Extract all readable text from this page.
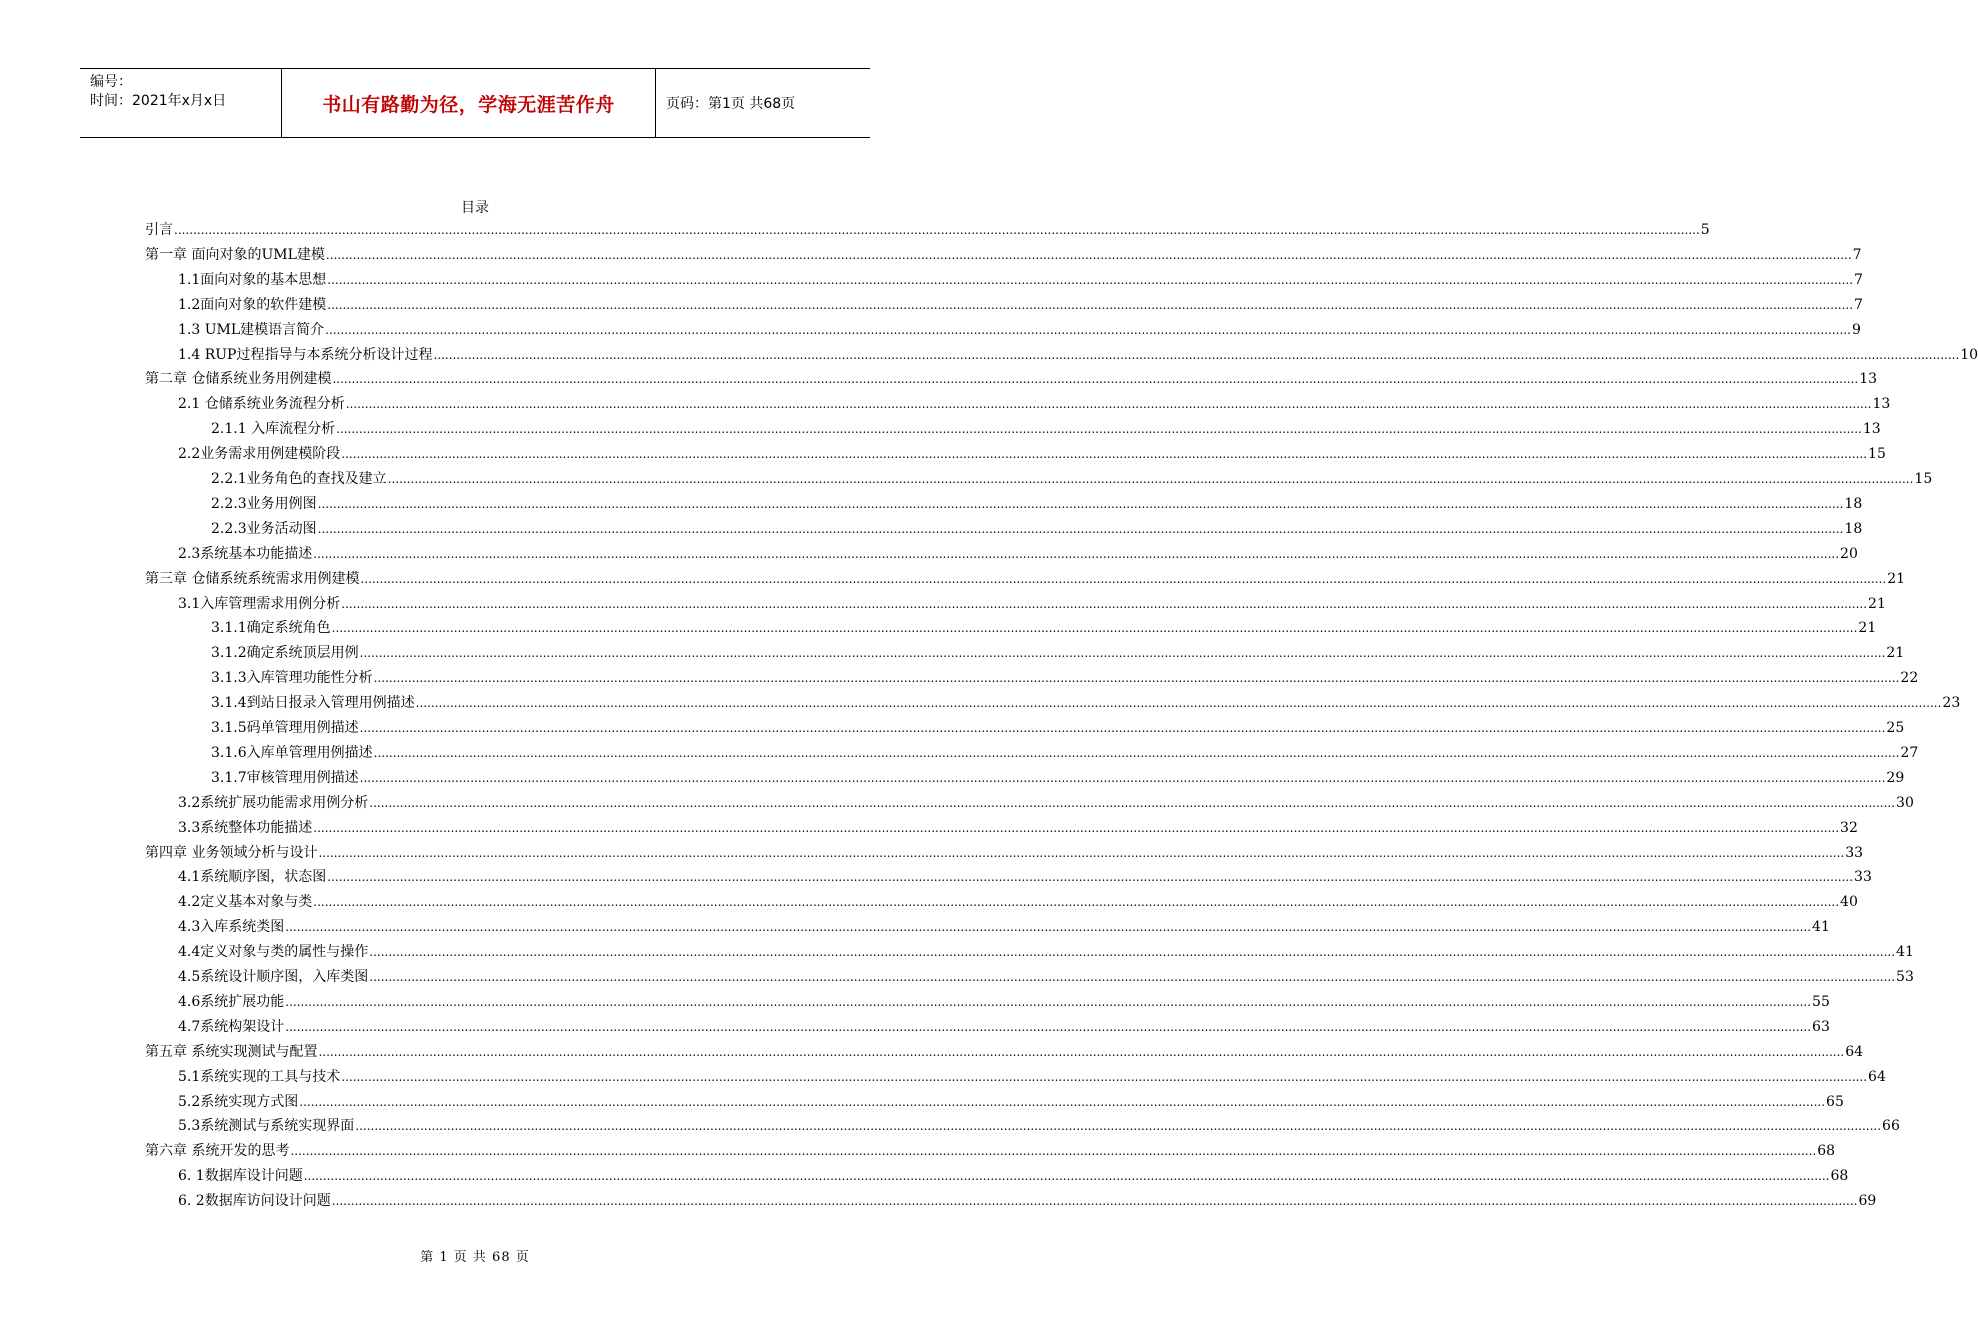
编号：
时间：2021年x月x日	书山有路勤为径，学海无涯苦作舟	页码：第1页 共68页
目录
引言 ................................................................................................................................................................................................................................................................................................................................................................................................................ 5
第一章 面向对象的UML建模 ................................................................................................................................................................................................................................................................................................................................................................................................................ 7
1.1面向对象的基本思想 ................................................................................................................................................................................................................................................................................................................................................................................................................ 7
1.2面向对象的软件建模 ................................................................................................................................................................................................................................................................................................................................................................................................................ 7
1.3 UML建模语言简介 ................................................................................................................................................................................................................................................................................................................................................................................................................ 9
1.4 RUP过程指导与本系统分析设计过程 ................................................................................................................................................................................................................................................................................................................................................................................................................ 10
第二章 仓储系统业务用例建模 ................................................................................................................................................................................................................................................................................................................................................................................................................ 13
2.1 仓储系统业务流程分析 ................................................................................................................................................................................................................................................................................................................................................................................................................ 13
2.1.1 入库流程分析 ................................................................................................................................................................................................................................................................................................................................................................................................................ 13
2.2业务需求用例建模阶段 ................................................................................................................................................................................................................................................................................................................................................................................................................ 15
2.2.1业务角色的查找及建立 ................................................................................................................................................................................................................................................................................................................................................................................................................ 15
2.2.3业务用例图 ................................................................................................................................................................................................................................................................................................................................................................................................................ 18
2.2.3业务活动图 ................................................................................................................................................................................................................................................................................................................................................................................................................ 18
2.3系统基本功能描述 ................................................................................................................................................................................................................................................................................................................................................................................................................ 20
第三章 仓储系统系统需求用例建模 ................................................................................................................................................................................................................................................................................................................................................................................................................ 21
3.1入库管理需求用例分析 ................................................................................................................................................................................................................................................................................................................................................................................................................ 21
3.1.1确定系统角色 ................................................................................................................................................................................................................................................................................................................................................................................................................ 21
3.1.2确定系统顶层用例 ................................................................................................................................................................................................................................................................................................................................................................................................................ 21
3.1.3入库管理功能性分析 ................................................................................................................................................................................................................................................................................................................................................................................................................ 22
3.1.4到站日报录入管理用例描述 ................................................................................................................................................................................................................................................................................................................................................................................................................ 23
3.1.5码单管理用例描述 ................................................................................................................................................................................................................................................................................................................................................................................................................ 25
3.1.6入库单管理用例描述 ................................................................................................................................................................................................................................................................................................................................................................................................................ 27
3.1.7审核管理用例描述 ................................................................................................................................................................................................................................................................................................................................................................................................................ 29
3.2系统扩展功能需求用例分析 ................................................................................................................................................................................................................................................................................................................................................................................................................ 30
3.3系统整体功能描述 ................................................................................................................................................................................................................................................................................................................................................................................................................ 32
第四章 业务领域分析与设计 ................................................................................................................................................................................................................................................................................................................................................................................................................ 33
4.1系统顺序图，状态图 ................................................................................................................................................................................................................................................................................................................................................................................................................ 33
4.2定义基本对象与类 ................................................................................................................................................................................................................................................................................................................................................................................................................ 40
4.3入库系统类图 ................................................................................................................................................................................................................................................................................................................................................................................................................ 41
4.4定义对象与类的属性与操作 ................................................................................................................................................................................................................................................................................................................................................................................................................ 41
4.5系统设计顺序图，入库类图 ................................................................................................................................................................................................................................................................................................................................................................................................................ 53
4.6系统扩展功能 ................................................................................................................................................................................................................................................................................................................................................................................................................ 55
4.7系统构架设计 ................................................................................................................................................................................................................................................................................................................................................................................................................ 63
第五章 系统实现测试与配置 ................................................................................................................................................................................................................................................................................................................................................................................................................ 64
5.1系统实现的工具与技术 ................................................................................................................................................................................................................................................................................................................................................................................................................ 64
5.2系统实现方式图 ................................................................................................................................................................................................................................................................................................................................................................................................................ 65
5.3系统测试与系统实现界面 ................................................................................................................................................................................................................................................................................................................................................................................................................ 66
第六章 系统开发的思考 ................................................................................................................................................................................................................................................................................................................................................................................................................ 68
6. 1数据库设计问题 ................................................................................................................................................................................................................................................................................................................................................................................................................ 68
6. 2数据库访问设计问题 ................................................................................................................................................................................................................................................................................................................................................................................................................ 69
第 1 页 共 68 页
